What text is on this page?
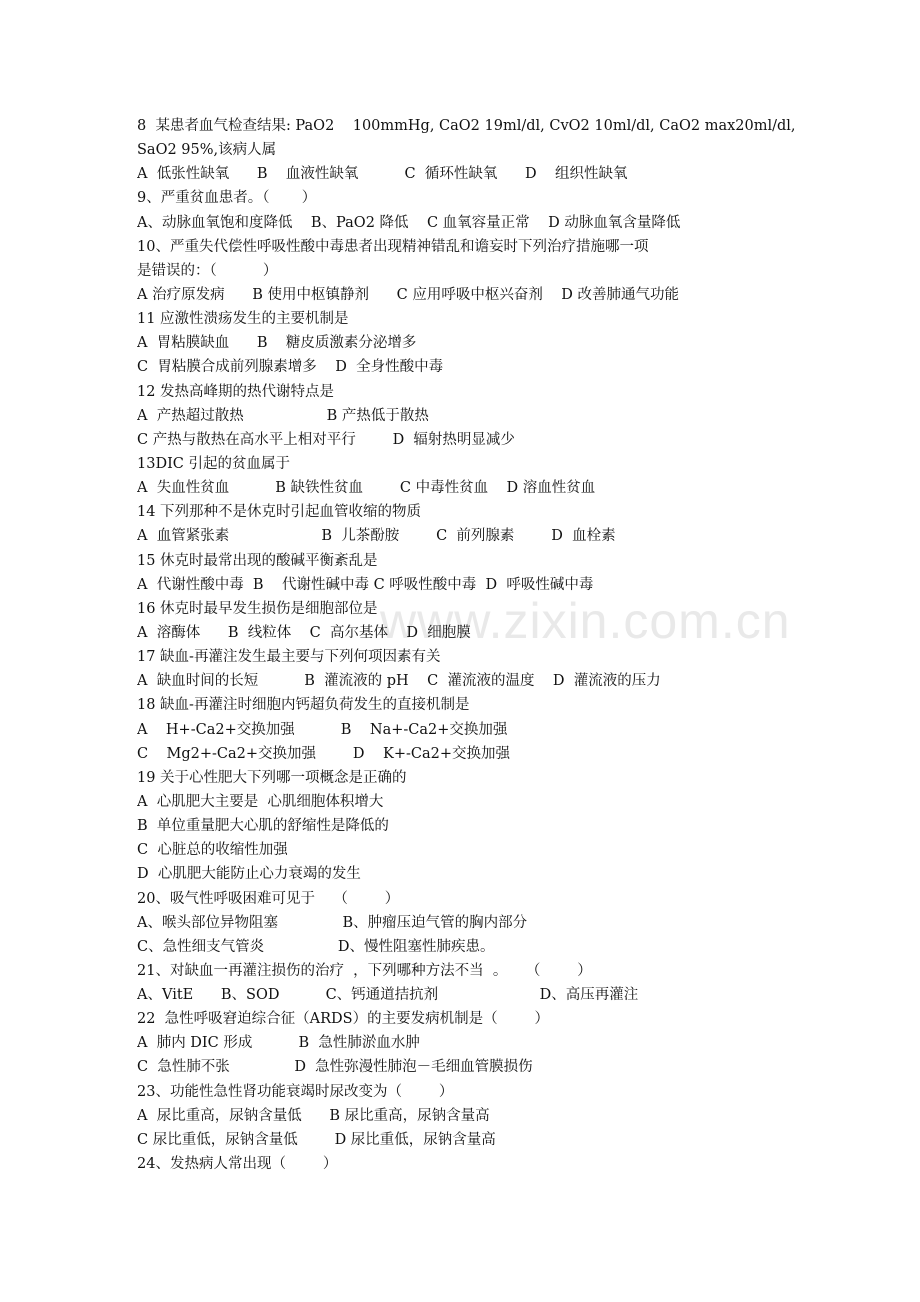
www.zixin.com.cn
8  某患者血气检查结果: PaO2    100mmHg, CaO2 19ml/dl, CvO2 10ml/dl, CaO2 max20ml/dl,
SaO2 95%,该病人属
A  低张性缺氧      B    血液性缺氧          C  循环性缺氧      D    组织性缺氧
9、严重贫血患者。（       ）
A、动脉血氧饱和度降低    B、PaO2 降低    C 血氧容量正常    D 动脉血氧含量降低
10、严重失代偿性呼吸性酸中毒患者出现精神错乱和谵妄时下列治疗措施哪一项
是错误的：（          ）
A 治疗原发病      B 使用中枢镇静剂      C 应用呼吸中枢兴奋剂    D 改善肺通气功能
11 应激性溃疡发生的主要机制是
A  胃粘膜缺血      B    糖皮质激素分泌增多
C  胃粘膜合成前列腺素增多    D  全身性酸中毒
12 发热高峰期的热代谢特点是
A  产热超过散热                  B 产热低于散热
C 产热与散热在高水平上相对平行        D  辐射热明显减少
13DIC 引起的贫血属于
A  失血性贫血          B 缺铁性贫血        C 中毒性贫血    D 溶血性贫血
14 下列那种不是休克时引起血管收缩的物质
A  血管紧张素                    B  儿茶酚胺        C  前列腺素        D  血栓素
15 休克时最常出现的酸碱平衡紊乱是
A  代谢性酸中毒  B    代谢性碱中毒 C 呼吸性酸中毒  D  呼吸性碱中毒
16 休克时最早发生损伤是细胞部位是
A  溶酶体      B  线粒体    C  高尔基体    D  细胞膜
17 缺血-再灌注发生最主要与下列何项因素有关
A  缺血时间的长短          B  灌流液的 pH    C  灌流液的温度    D  灌流液的压力
18 缺血-再灌注时细胞内钙超负荷发生的直接机制是
A    H+-Ca2+交换加强          B    Na+-Ca2+交换加强
C    Mg2+-Ca2+交换加强        D    K+-Ca2+交换加强
19 关于心性肥大下列哪一项概念是正确的
A  心肌肥大主要是  心肌细胞体积增大
B  单位重量肥大心肌的舒缩性是降低的
C  心脏总的收缩性加强
D  心肌肥大能防止心力衰竭的发生
20、吸气性呼吸困难可见于    （        ）
A、喉头部位异物阻塞              B、肿瘤压迫气管的胸内部分
C、急性细支气管炎                D、慢性阻塞性肺疾患。
21、对缺血一再灌注损伤的治疗  ，下列哪种方法不当  。    （        ）
A、VitE      B、SOD          C、钙通道拮抗剂                      D、高压再灌注
22  急性呼吸窘迫综合征（ARDS）的主要发病机制是（        ）
A  肺内 DIC 形成          B  急性肺淤血水肿
C  急性肺不张              D  急性弥漫性肺泡－毛细血管膜损伤
23、功能性急性肾功能衰竭时尿改变为（        ）
A  尿比重高，尿钠含量低      B 尿比重高，尿钠含量高
C 尿比重低，尿钠含量低        D 尿比重低，尿钠含量高
24、发热病人常出现（        ）
